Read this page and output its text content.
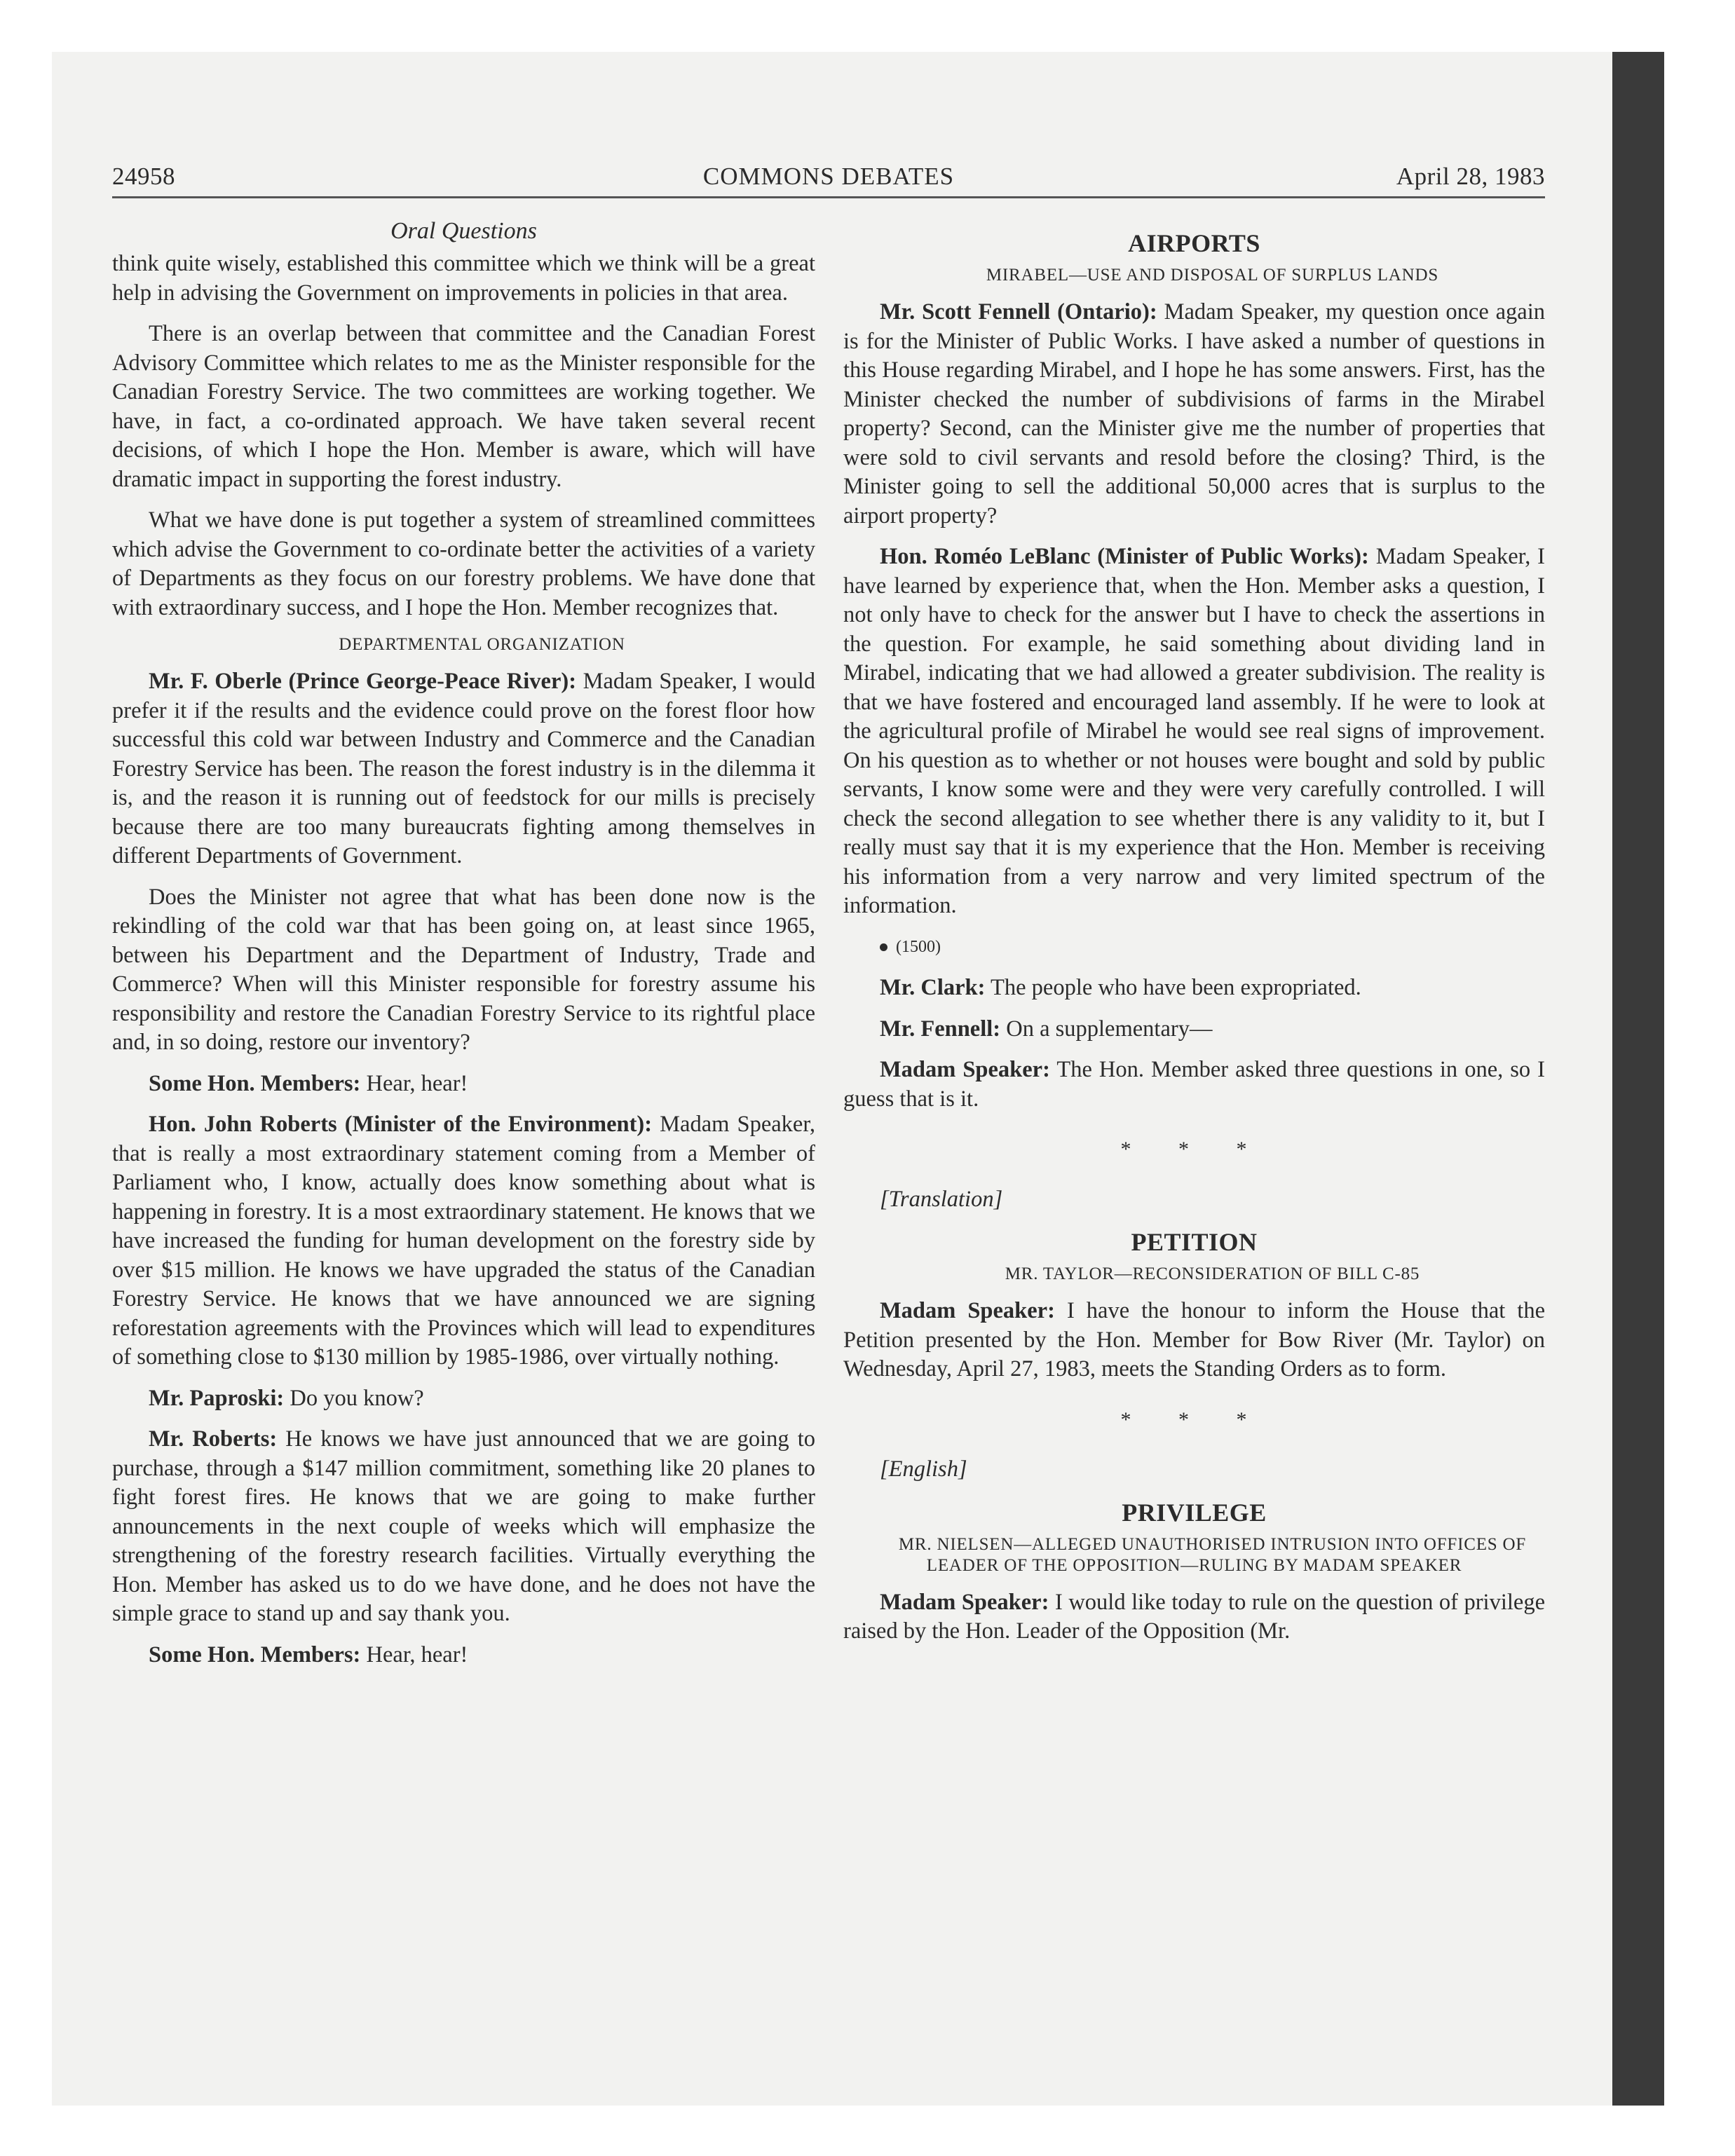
24958	COMMONS DEBATES	April 28, 1983
Oral Questions

think quite wisely, established this committee which we think will be a great help in advising the Government on improvements in policies in that area.

There is an overlap between that committee and the Canadian Forest Advisory Committee which relates to me as the Minister responsible for the Canadian Forestry Service. The two committees are working together. We have, in fact, a co-ordinated approach. We have taken several recent decisions, of which I hope the Hon. Member is aware, which will have dramatic impact in supporting the forest industry.

What we have done is put together a system of streamlined committees which advise the Government to co-ordinate better the activities of a variety of Departments as they focus on our forestry problems. We have done that with extraordinary success, and I hope the Hon. Member recognizes that.

DEPARTMENTAL ORGANIZATION

Mr. F. Oberle (Prince George-Peace River): Madam Speaker, I would prefer it if the results and the evidence could prove on the forest floor how successful this cold war between Industry and Commerce and the Canadian Forestry Service has been. The reason the forest industry is in the dilemma it is, and the reason it is running out of feedstock for our mills is precisely because there are too many bureaucrats fighting among themselves in different Departments of Government.

Does the Minister not agree that what has been done now is the rekindling of the cold war that has been going on, at least since 1965, between his Department and the Department of Industry, Trade and Commerce? When will this Minister responsible for forestry assume his responsibility and restore the Canadian Forestry Service to its rightful place and, in so doing, restore our inventory?

Some Hon. Members: Hear, hear!

Hon. John Roberts (Minister of the Environment): Madam Speaker, that is really a most extraordinary statement coming from a Member of Parliament who, I know, actually does know something about what is happening in forestry. It is a most extraordinary statement. He knows that we have increased the funding for human development on the forestry side by over $15 million. He knows we have upgraded the status of the Canadian Forestry Service. He knows that we have announced we are signing reforestation agreements with the Provinces which will lead to expenditures of something close to $130 million by 1985-1986, over virtually nothing.

Mr. Paproski: Do you know?

Mr. Roberts: He knows we have just announced that we are going to purchase, through a $147 million commitment, something like 20 planes to fight forest fires. He knows that we are going to make further announcements in the next couple of weeks which will emphasize the strengthening of the forestry research facilities. Virtually everything the Hon. Member has asked us to do we have done, and he does not have the simple grace to stand up and say thank you.

Some Hon. Members: Hear, hear!

AIRPORTS

MIRABEL—USE AND DISPOSAL OF SURPLUS LANDS

Mr. Scott Fennell (Ontario): Madam Speaker, my question once again is for the Minister of Public Works. I have asked a number of questions in this House regarding Mirabel, and I hope he has some answers. First, has the Minister checked the number of subdivisions of farms in the Mirabel property? Second, can the Minister give me the number of properties that were sold to civil servants and resold before the closing? Third, is the Minister going to sell the additional 50,000 acres that is surplus to the airport property?

Hon. Roméo LeBlanc (Minister of Public Works): Madam Speaker, I have learned by experience that, when the Hon. Member asks a question, I not only have to check for the answer but I have to check the assertions in the question. For example, he said something about dividing land in Mirabel, indicating that we had allowed a greater subdivision. The reality is that we have fostered and encouraged land assembly. If he were to look at the agricultural profile of Mirabel he would see real signs of improvement. On his question as to whether or not houses were bought and sold by public servants, I know some were and they were very carefully controlled. I will check the second allegation to see whether there is any validity to it, but I really must say that it is my experience that the Hon. Member is receiving his information from a very narrow and very limited spectrum of the information.

(1500)

Mr. Clark: The people who have been expropriated.

Mr. Fennell: On a supplementary—

Madam Speaker: The Hon. Member asked three questions in one, so I guess that is it.

* * *

[Translation]

PETITION

MR. TAYLOR—RECONSIDERATION OF BILL C-85

Madam Speaker: I have the honour to inform the House that the Petition presented by the Hon. Member for Bow River (Mr. Taylor) on Wednesday, April 27, 1983, meets the Standing Orders as to form.

* * *

[English]

PRIVILEGE

MR. NIELSEN—ALLEGED UNAUTHORISED INTRUSION INTO OFFICES OF LEADER OF THE OPPOSITION—RULING BY MADAM SPEAKER

Madam Speaker: I would like today to rule on the question of privilege raised by the Hon. Leader of the Opposition (Mr.
